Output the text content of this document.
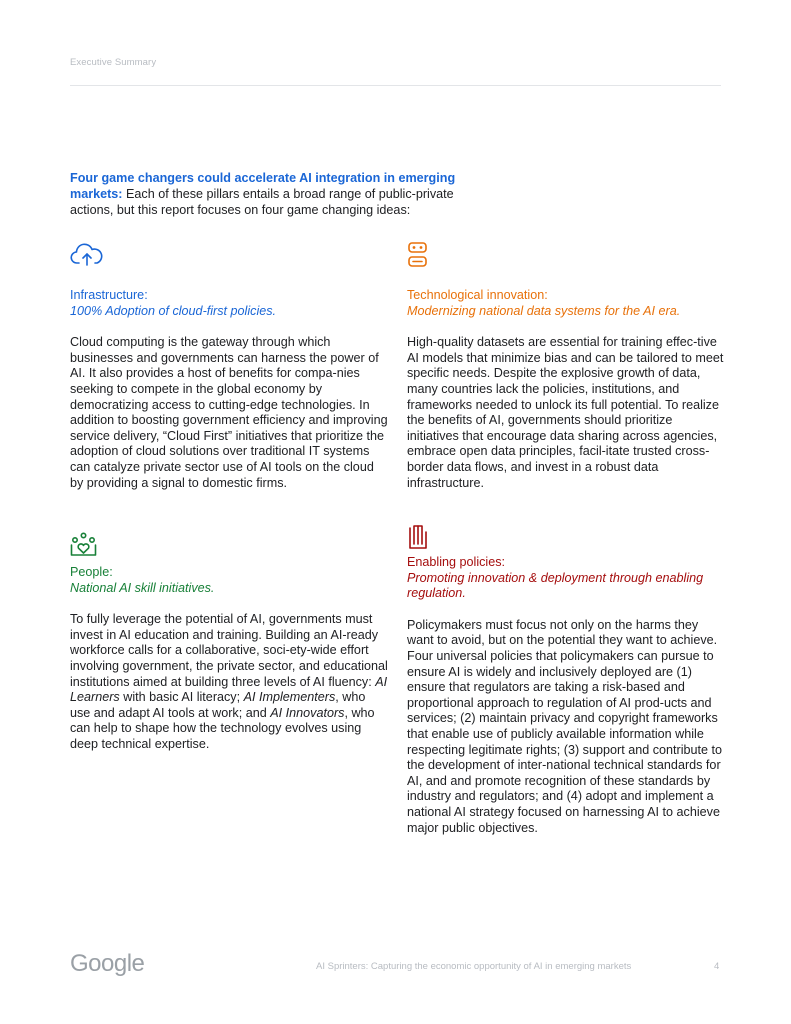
Executive Summary
Four game changers could accelerate AI integration in emerging markets: Each of these pillars entails a broad range of public-private actions, but this report focuses on four game changing ideas:
Infrastructure:
100% Adoption of cloud-first policies.
Cloud computing is the gateway through which businesses and governments can harness the power of AI. It also provides a host of benefits for compa-nies seeking to compete in the global economy by democratizing access to cutting-edge technologies. In addition to boosting government efficiency and improving service delivery, “Cloud First” initiatives that prioritize the adoption of cloud solutions over traditional IT systems can catalyze private sector use of AI tools on the cloud by providing a signal to domestic firms.
Technological innovation:
Modernizing national data systems for the AI era.
High-quality datasets are essential for training effec-tive AI models that minimize bias and can be tailored to meet specific needs. Despite the explosive growth of data, many countries lack the policies, institutions, and frameworks needed to unlock its full potential. To realize the benefits of AI, governments should prioritize initiatives that encourage data sharing across agencies, embrace open data principles, facil-itate trusted cross-border data flows, and invest in a robust data infrastructure.
People:
National AI skill initiatives.
To fully leverage the potential of AI, governments must invest in AI education and training. Building an AI-ready workforce calls for a collaborative, soci-ety-wide effort involving government, the private sector, and educational institutions aimed at building three levels of AI fluency: AI Learners with basic AI literacy; AI Implementers, who use and adapt AI tools at work; and AI Innovators, who can help to shape how the technology evolves using deep technical expertise.
Enabling policies:
Promoting innovation & deployment through enabling regulation.
Policymakers must focus not only on the harms they want to avoid, but on the potential they want to achieve. Four universal policies that policymakers can pursue to ensure AI is widely and inclusively deployed are (1) ensure that regulators are taking a risk-based and proportional approach to regulation of AI prod-ucts and services; (2) maintain privacy and copyright frameworks that enable use of publicly available information while respecting legitimate rights; (3) support and contribute to the development of inter-national technical standards for AI, and and promote recognition of these standards by industry and regulators; and (4) adopt and implement a national AI strategy focused on harnessing AI to achieve major public objectives.
Google	AI Sprinters: Capturing the economic opportunity of AI in emerging markets	4
